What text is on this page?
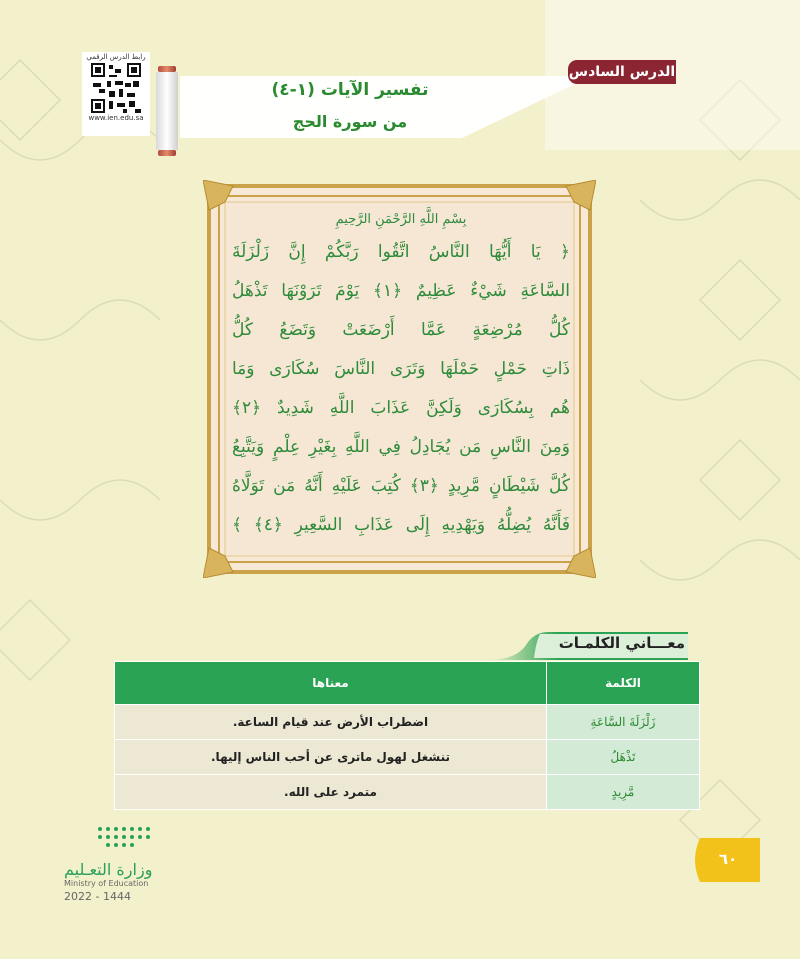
رابط الدرس الرقمي
www.ien.edu.sa
الدرس السادس
تفسير الآيات (١-٤)
من سورة الحج
بِسْمِ اللَّهِ الرَّحْمَنِ الرَّحِيمِ
﴿ يَا أَيُّهَا النَّاسُ اتَّقُوا رَبَّكُمْ إِنَّ زَلْزَلَةَ
السَّاعَةِ شَيْءٌ عَظِيمٌ ﴿١﴾ يَوْمَ تَرَوْنَهَا تَذْهَلُ
كُلُّ مُرْضِعَةٍ عَمَّا أَرْضَعَتْ وَتَضَعُ كُلُّ
ذَاتِ حَمْلٍ حَمْلَهَا وَتَرَى النَّاسَ سُكَارَى وَمَا
هُم بِسُكَارَى وَلَكِنَّ عَذَابَ اللَّهِ شَدِيدٌ ﴿٢﴾
وَمِنَ النَّاسِ مَن يُجَادِلُ فِي اللَّهِ بِغَيْرِ عِلْمٍ وَيَتَّبِعُ
كُلَّ شَيْطَانٍ مَّرِيدٍ ﴿٣﴾ كُتِبَ عَلَيْهِ أَنَّهُ مَن تَوَلَّاهُ
فَأَنَّهُ يُضِلُّهُ وَيَهْدِيهِ إِلَى عَذَابِ السَّعِيرِ ﴿٤﴾ ﴾
معـــاني الكلمـات
الكلمة	معناها
زَلْزَلَةَ السَّاعَةِ	اضطراب الأرض عند قيام الساعة.
تَذْهَلُ	تنشغل لهول ماترى عن أحب الناس إليها.
مَّرِيدٍ	متمرد على الله.
وزارة التعـليم
Ministry of Education
2022 - 1444
٦٠
